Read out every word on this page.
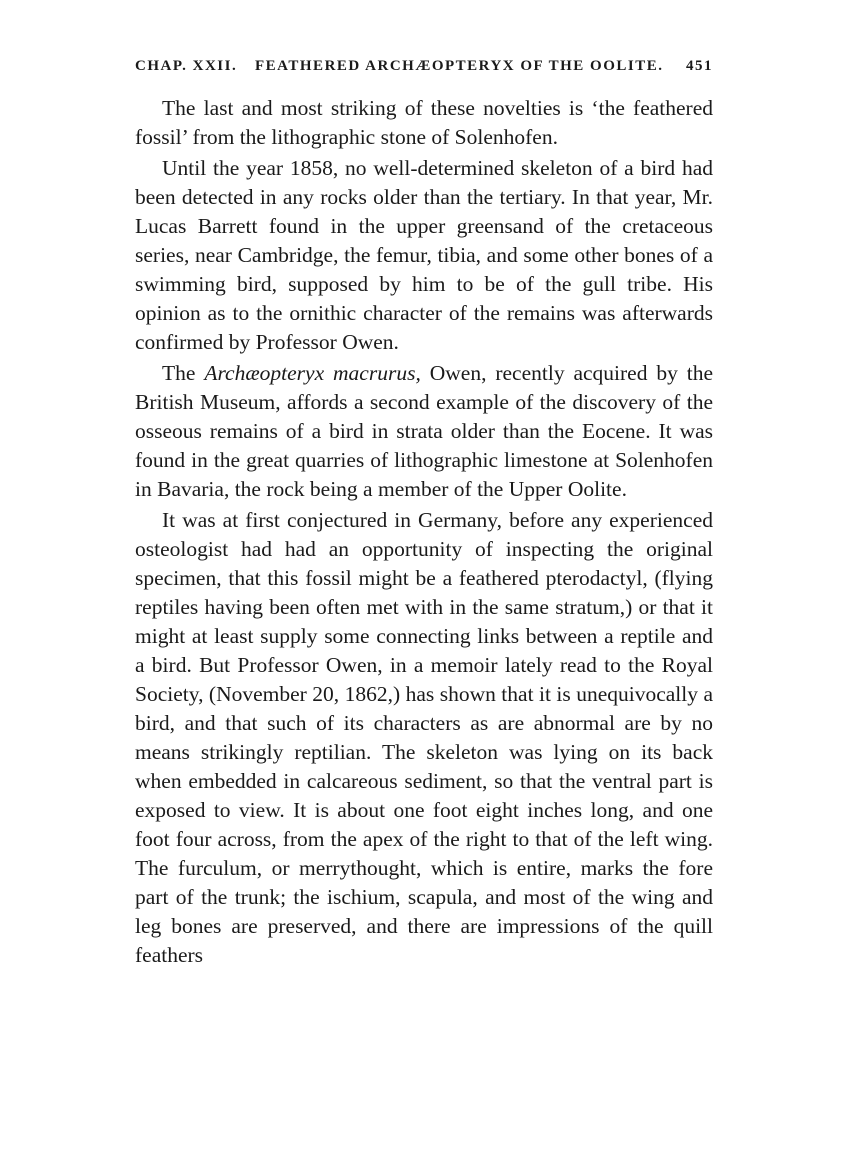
CHAP. XXII. FEATHERED ARCHÆOPTERYX OF THE OOLITE. 451

The last and most striking of these novelties is ‘the feathered fossil’ from the lithographic stone of Solenhofen.

Until the year 1858, no well-determined skeleton of a bird had been detected in any rocks older than the tertiary. In that year, Mr. Lucas Barrett found in the upper greensand of the cretaceous series, near Cambridge, the femur, tibia, and some other bones of a swimming bird, supposed by him to be of the gull tribe. His opinion as to the ornithic character of the remains was afterwards confirmed by Professor Owen.

The Archæopteryx macrurus, Owen, recently acquired by the British Museum, affords a second example of the discovery of the osseous remains of a bird in strata older than the Eocene. It was found in the great quarries of lithographic limestone at Solenhofen in Bavaria, the rock being a member of the Upper Oolite.

It was at first conjectured in Germany, before any experienced osteologist had had an opportunity of inspecting the original specimen, that this fossil might be a feathered pterodactyl, (flying reptiles having been often met with in the same stratum,) or that it might at least supply some connecting links between a reptile and a bird. But Professor Owen, in a memoir lately read to the Royal Society, (November 20, 1862,) has shown that it is unequivocally a bird, and that such of its characters as are abnormal are by no means strikingly reptilian. The skeleton was lying on its back when embedded in calcareous sediment, so that the ventral part is exposed to view. It is about one foot eight inches long, and one foot four across, from the apex of the right to that of the left wing. The furculum, or merrythought, which is entire, marks the fore part of the trunk; the ischium, scapula, and most of the wing and leg bones are preserved, and there are impressions of the quill feathers
